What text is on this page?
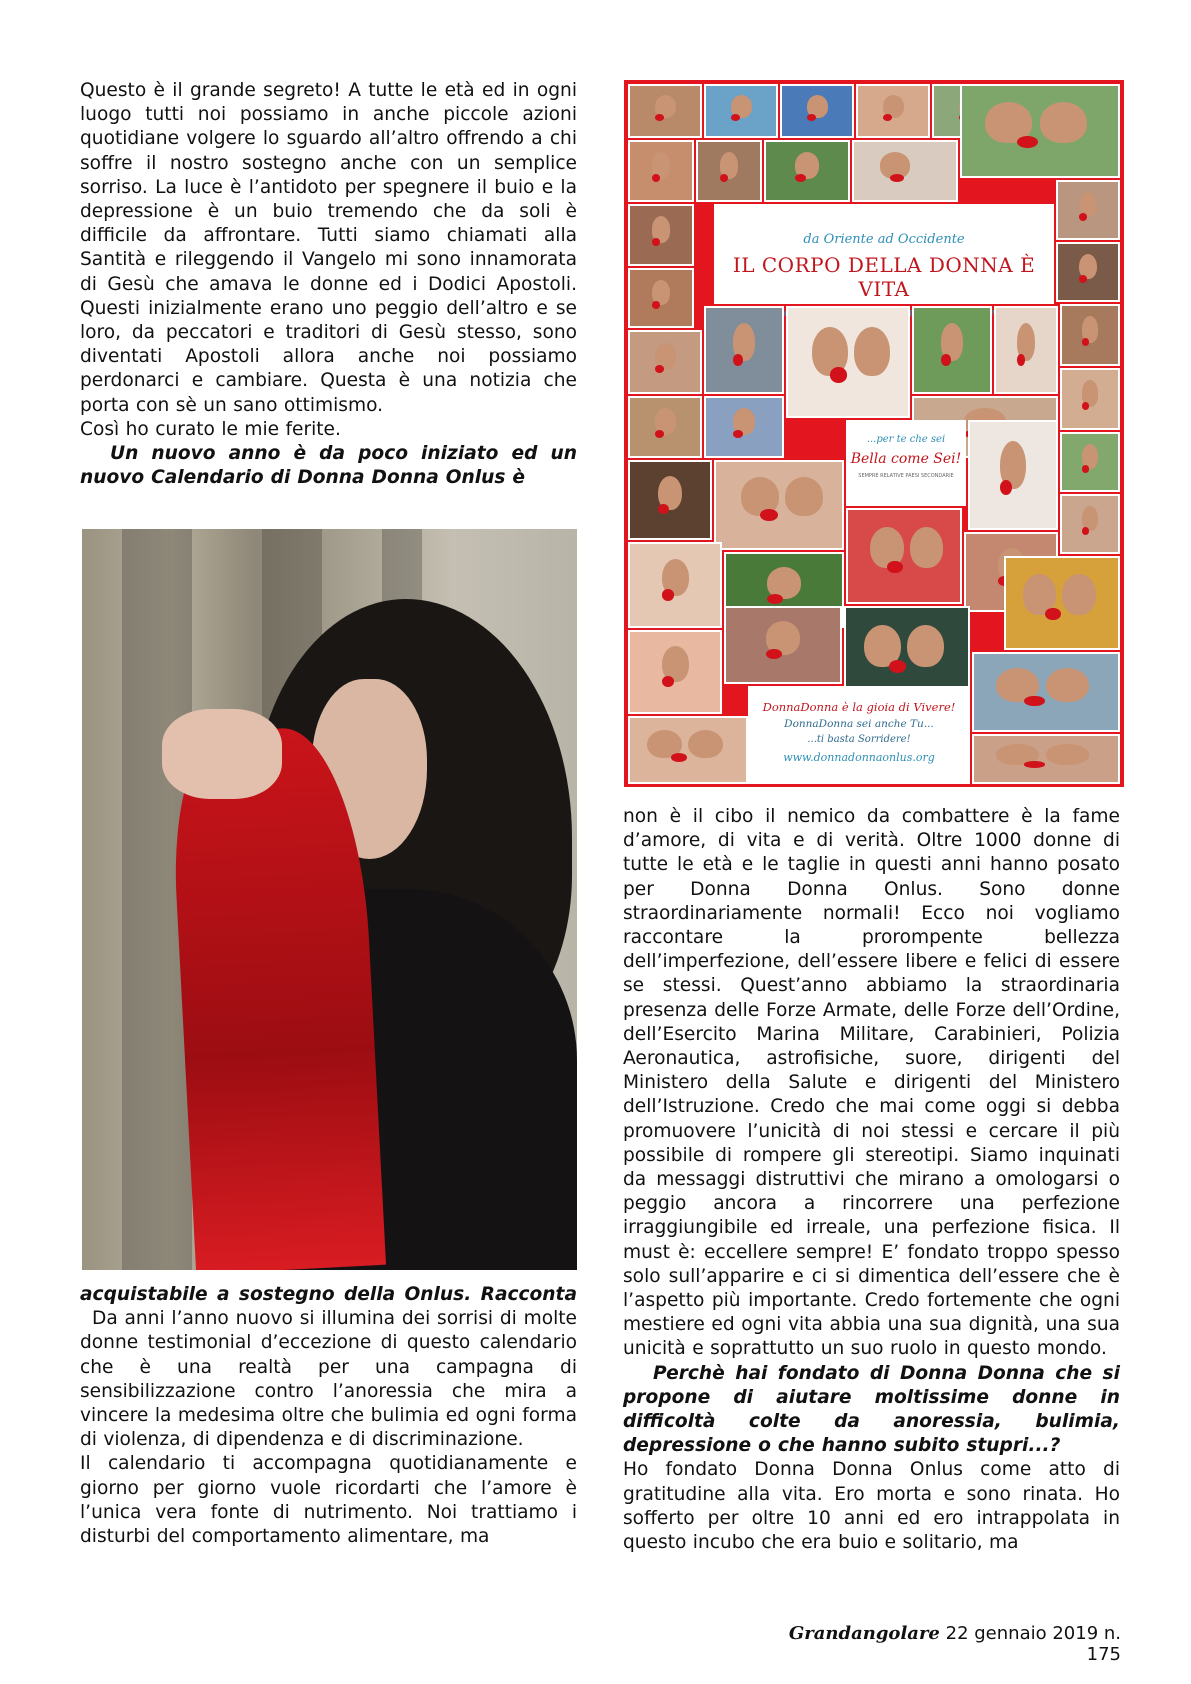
Questo è il grande segreto! A tutte le età ed in ogni luogo tutti noi possiamo in anche piccole azioni quotidiane volgere lo sguardo all’altro offrendo a chi soffre il nostro sostegno anche con un semplice sorriso. La luce è l’antidoto per spegnere il buio e la depressione è un buio tremendo che da soli è difficile da affrontare. Tutti siamo chiamati alla Santità e rileggendo il Vangelo mi sono innamorata di Gesù che amava le donne ed i Dodici Apostoli. Questi inizialmente erano uno peggio dell’altro e se loro, da peccatori e traditori di Gesù stesso, sono diventati Apostoli allora anche noi possiamo perdonarci e cambiare. Questa è una notizia che porta con sè un sano ottimismo.

Così ho curato le mie ferite.

Un nuovo anno è da poco iniziato ed un nuovo Calendario di Donna Donna Onlus è

acquistabile a sostegno della Onlus. Racconta

Da anni l’anno nuovo si illumina dei sorrisi di molte donne testimonial d’eccezione di questo calendario che è una realtà per una campagna di sensibilizzazione contro l’anoressia che mira a vincere la medesima oltre che bulimia ed ogni forma di violenza, di dipendenza e di discriminazione.

Il calendario ti accompagna quotidianamente e giorno per giorno vuole ricordarti che l’amore è l’unica vera fonte di nutrimento. Noi trattiamo i disturbi del comportamento alimentare, ma

da Oriente ad Occidente
IL CORPO DELLA DONNA È VITA
...per te che sei
Bella come Sei!
SEMPRE RELATIVE PAESI SECONDARIE
DonnaDonna è la gioia di Vivere!
DonnaDonna sei anche Tu...
...ti basta Sorridere!
www.donnadonnaonlus.org

non è il cibo il nemico da combattere è la fame d’amore, di vita e di verità. Oltre 1000 donne di tutte le età e le taglie in questi anni hanno posato per Donna Donna Onlus. Sono donne straordinariamente normali! Ecco noi vogliamo raccontare la prorompente bellezza dell’imperfezione, dell’essere libere e felici di essere se stessi. Quest’anno abbiamo la straordinaria presenza delle Forze Armate, delle Forze dell’Ordine, dell’Esercito Marina Militare, Carabinieri, Polizia Aeronautica, astrofisiche, suore, dirigenti del Ministero della Salute e dirigenti del Ministero dell’Istruzione. Credo che mai come oggi si debba promuovere l’unicità di noi stessi e cercare il più possibile di rompere gli stereotipi. Siamo inquinati da messaggi distruttivi che mirano a omologarsi o peggio ancora a rincorrere una perfezione irraggiungibile ed irreale, una perfezione fisica. Il must è: eccellere sempre! E’ fondato troppo spesso solo sull’apparire e ci si dimentica dell’essere che è l’aspetto più importante. Credo fortemente che ogni mestiere ed ogni vita abbia una sua dignità, una sua unicità e soprattutto un suo ruolo in questo mondo.

Perchè hai fondato di Donna Donna che si propone di aiutare moltissime donne in difficoltà colte da anoressia, bulimia, depressione o che hanno subito stupri...?

Ho fondato Donna Donna Onlus come atto di gratitudine alla vita. Ero morta e sono rinata. Ho sofferto per oltre 10 anni ed ero intrappolata in questo incubo che era buio e solitario, ma

Grandangolare 22 gennaio 2019 n. 175
